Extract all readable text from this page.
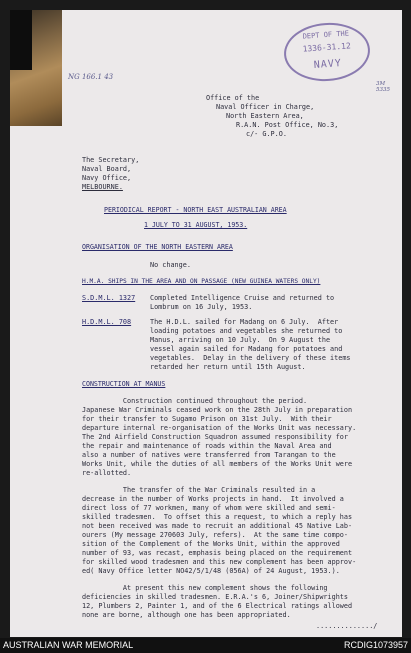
DEPT OF THE
1336-31.12
NAVY
NG 166.1 43
3M 5335
Office of the
Naval Officer in Charge,
North Eastern Area,
R.A.N. Post Office, No.3,
c/- G.P.O.
The Secretary,
Naval Board,
Navy Office,
MELBOURNE.
PERIODICAL REPORT - NORTH EAST AUSTRALIAN AREA
1 JULY TO 31 AUGUST, 1953.
ORGANISATION OF THE NORTH EASTERN AREA
No change.
H.M.A. SHIPS IN THE AREA AND ON PASSAGE (NEW GUINEA WATERS ONLY)
S.D.M.L. 1327 Completed Intelligence Cruise and returned to
Lombrum on 16 July, 1953.
H.D.M.L. 708	The H.D.L. sailed for Madang on 6 July.  After
loading potatoes and vegetables she returned to
Manus, arriving on 10 July.  On 9 August the
vessel again sailed for Madang for potatoes and
vegetables.  Delay in the delivery of these items
retarded her return until 15th August.
CONSTRUCTION AT MANUS
Construction continued throughout the period.
Japanese War Criminals ceased work on the 28th July in preparation
for their transfer to Sugamo Prison on 31st July.  With their
departure internal re-organisation of the Works Unit was necessary.
The 2nd Airfield Construction Squadron assumed responsibility for
the repair and maintenance of roads within the Naval Area and
also a number of natives were transferred from Tarangan to the
Works Unit, while the duties of all members of the Works Unit were
re-allotted.
The transfer of the War Criminals resulted in a
decrease in the number of Works projects in hand.  It involved a
direct loss of 77 workmen, many of whom were skilled and semi-
skilled tradesmen.  To offset this a request, to which a reply has
not been received was made to recruit an additional 45 Native Lab-
ourers (My message 270603 July, refers).  At the same time compo-
sition of the Complement of the Works Unit, within the approved
number of 93, was recast, emphasis being placed on the requirement
for skilled wood tradesmen and this new complement has been approv-
ed( Navy Office letter NO42/5/1/48 (056A) of 24 August, 1953.).
At present this new complement shows the following
deficiencies in skilled tradesmen. E.R.A.'s 6, Joiner/Shipwrights
12, Plumbers 2, Painter 1, and of the 6 Electrical ratings allowed
none are borne, although one has been appropriated.
............../
AUSTRALIAN WAR MEMORIAL	RCDIG1073957
